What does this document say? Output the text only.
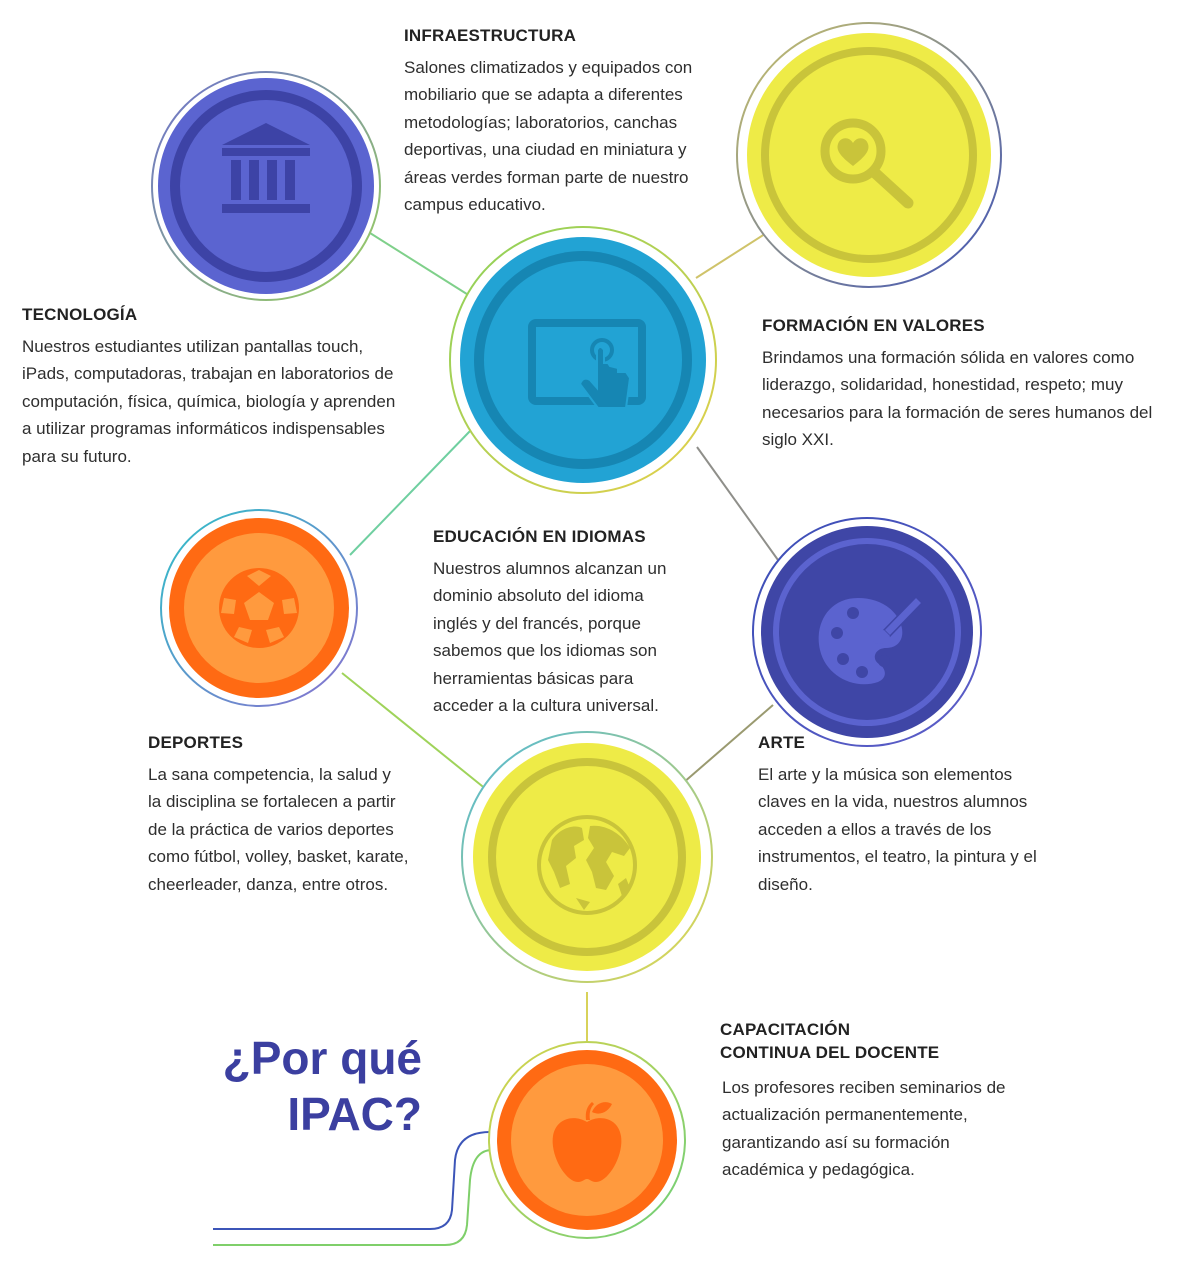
INFRAESTRUCTURA

Salones climatizados y equipados con
mobiliario que se adapta a diferentes
metodologías; laboratorios, canchas
deportivas, una ciudad en miniatura y
áreas verdes forman parte de nuestro
campus educativo.

TECNOLOGÍA

Nuestros estudiantes utilizan pantallas touch,
iPads, computadoras, trabajan en laboratorios de
computación, física, química, biología y aprenden
a utilizar programas informáticos indispensables
para su futuro.

FORMACIÓN EN VALORES

Brindamos una formación sólida en valores como
liderazgo, solidaridad, honestidad, respeto; muy
necesarios para la formación de seres humanos del
siglo XXI.

EDUCACIÓN EN IDIOMAS

Nuestros alumnos alcanzan un
dominio absoluto del idioma
inglés y del francés, porque
sabemos que los idiomas son
herramientas básicas para
acceder a la cultura universal.

DEPORTES

La sana competencia, la salud y
la disciplina se fortalecen a partir
de la práctica de varios deportes
como fútbol, volley, basket, karate,
cheerleader, danza, entre otros.

ARTE

El arte y la música son elementos
claves en la vida, nuestros alumnos
acceden a ellos a través de los
instrumentos, el teatro, la pintura y el
diseño.

CAPACITACIÓN
CONTINUA DEL DOCENTE

Los profesores reciben seminarios de
actualización permanentemente,
garantizando así su formación
académica y pedagógica.

¿Por qué
IPAC?
